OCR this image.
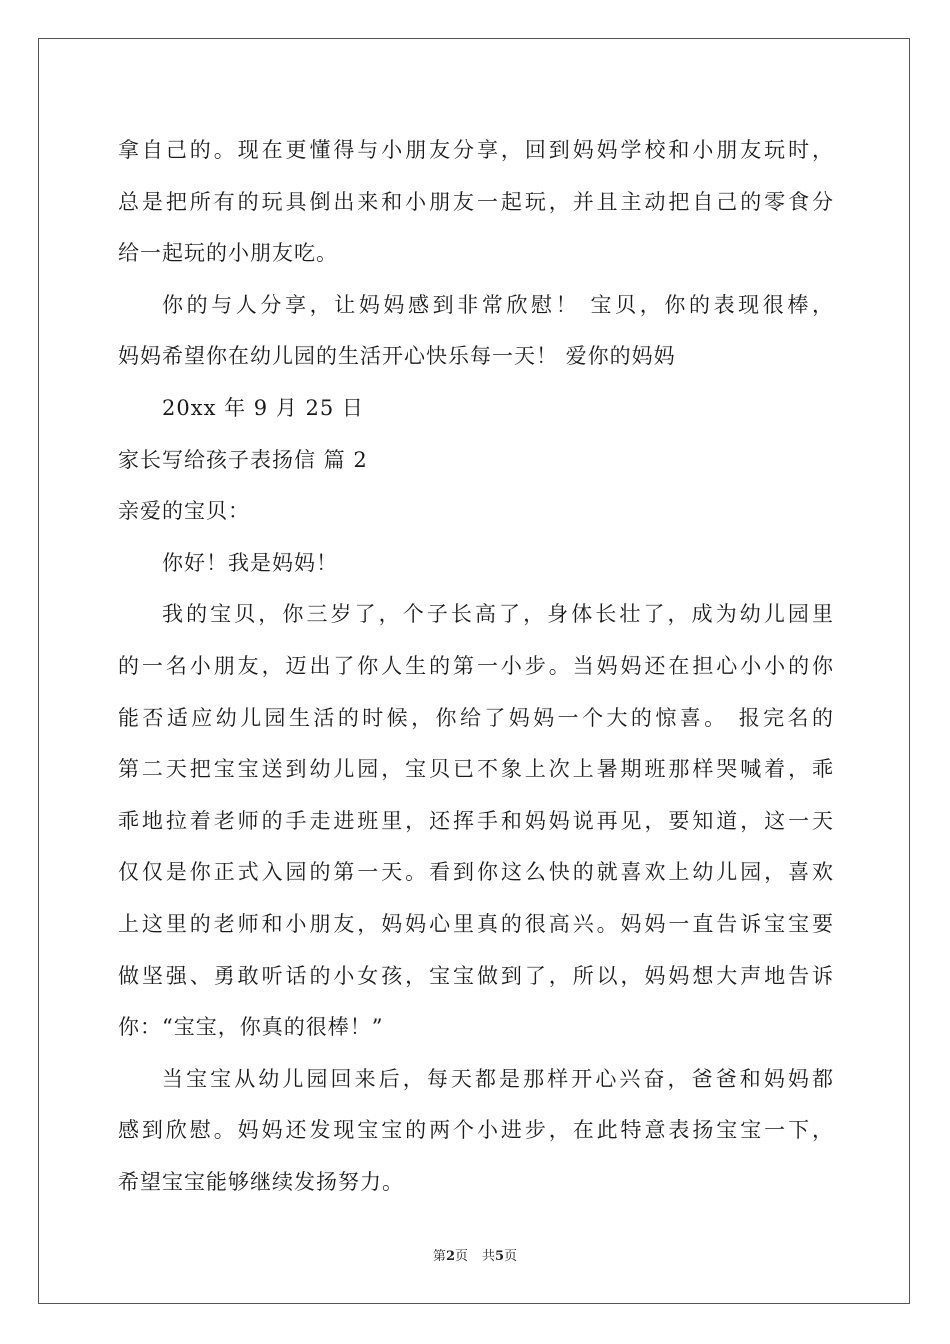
拿自己的。现在更懂得与小朋友分享，回到妈妈学校和小朋友玩时，
总是把所有的玩具倒出来和小朋友一起玩，并且主动把自己的零食分
给一起玩的小朋友吃。
你的与人分享，让妈妈感到非常欣慰！ 宝贝，你的表现很棒，
妈妈希望你在幼儿园的生活开心快乐每一天！ 爱你的妈妈
20xx 年 9 月 25 日
家长写给孩子表扬信 篇 2
亲爱的宝贝：
你好！我是妈妈！
我的宝贝，你三岁了，个子长高了，身体长壮了，成为幼儿园里
的一名小朋友，迈出了你人生的第一小步。当妈妈还在担心小小的你
能否适应幼儿园生活的时候，你给了妈妈一个大的惊喜。 报完名的
第二天把宝宝送到幼儿园，宝贝已不象上次上暑期班那样哭喊着，乖
乖地拉着老师的手走进班里，还挥手和妈妈说再见，要知道，这一天
仅仅是你正式入园的第一天。看到你这么快的就喜欢上幼儿园，喜欢
上这里的老师和小朋友，妈妈心里真的很高兴。妈妈一直告诉宝宝要
做坚强、勇敢听话的小女孩，宝宝做到了，所以，妈妈想大声地告诉
你：“宝宝，你真的很棒！”
当宝宝从幼儿园回来后，每天都是那样开心兴奋，爸爸和妈妈都
感到欣慰。妈妈还发现宝宝的两个小进步，在此特意表扬宝宝一下，
希望宝宝能够继续发扬努力。
第2页 共5页
